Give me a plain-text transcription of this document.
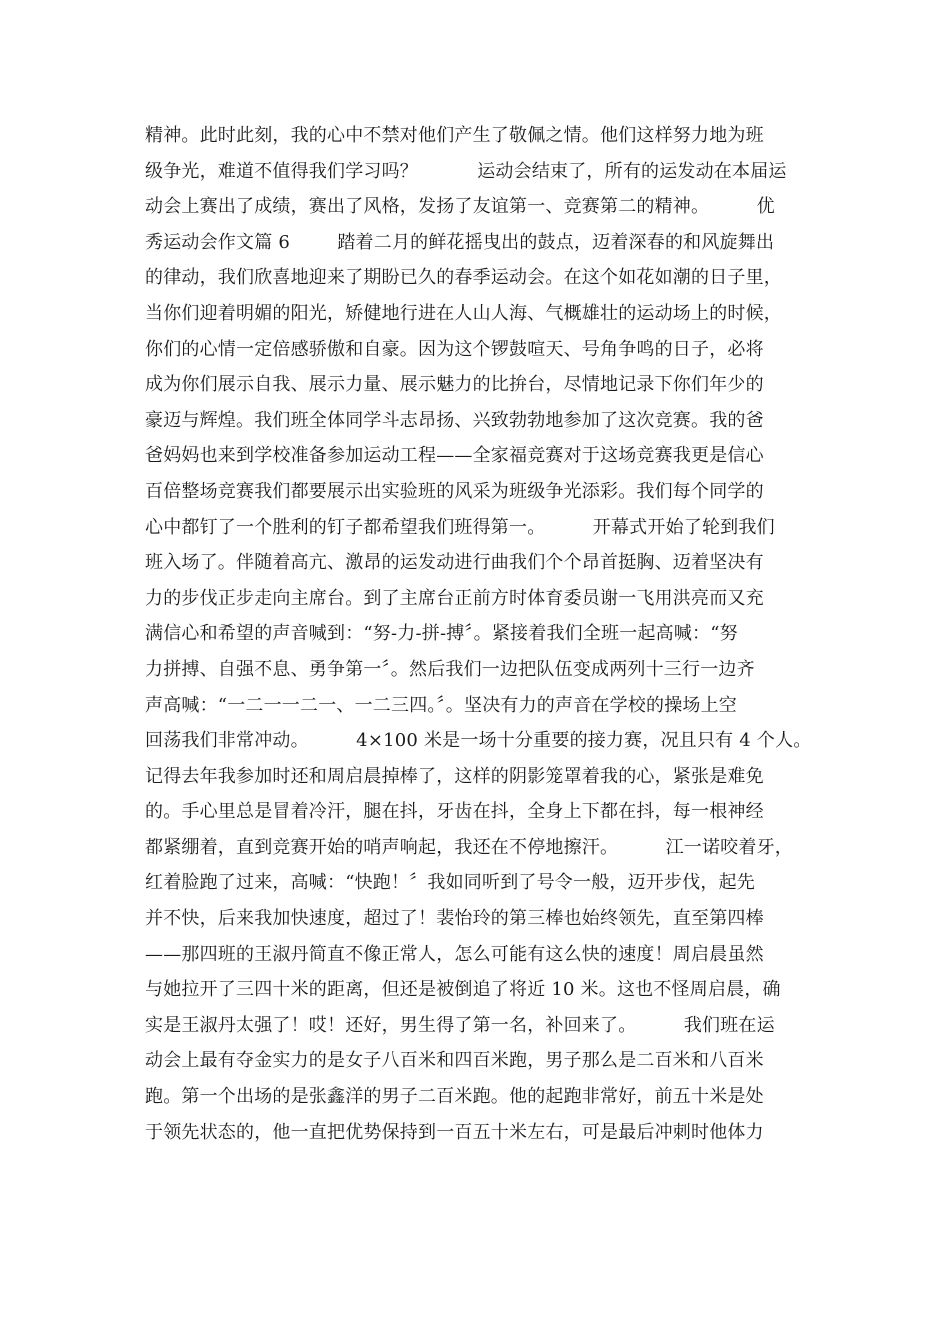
精神。此时此刻，我的心中不禁对他们产生了敬佩之情。他们这样努力地为班
级争光，难道不值得我们学习吗？          运动会结束了，所有的运发动在本届运
动会上赛出了成绩，赛出了风格，发扬了友谊第一、竞赛第二的精神。        优
秀运动会作文篇 6        踏着二月的鲜花摇曳出的鼓点，迈着深春的和风旋舞出
的律动，我们欣喜地迎来了期盼已久的春季运动会。在这个如花如潮的日子里，
当你们迎着明媚的阳光，矫健地行进在人山人海、气概雄壮的运动场上的时候，
你们的心情一定倍感骄傲和自豪。因为这个锣鼓喧天、号角争鸣的日子，必将
成为你们展示自我、展示力量、展示魅力的比拚台，尽情地记录下你们年少的
豪迈与辉煌。我们班全体同学斗志昂扬、兴致勃勃地参加了这次竞赛。我的爸
爸妈妈也来到学校准备参加运动工程——全家福竞赛对于这场竞赛我更是信心
百倍整场竞赛我们都要展示出实验班的风采为班级争光添彩。我们每个同学的
心中都钉了一个胜利的钉子都希望我们班得第一。        开幕式开始了轮到我们
班入场了。伴随着高亢、激昂的运发动进行曲我们个个昂首挺胸、迈着坚决有
力的步伐正步走向主席台。到了主席台正前方时体育委员谢一飞用洪亮而又充
满信心和希望的声音喊到：“努-力-拼-搏〞。紧接着我们全班一起高喊：“努
力拼搏、自强不息、勇争第一〞。然后我们一边把队伍变成两列十三行一边齐
声高喊：“一二一一二一、一二三四。〞。坚决有力的声音在学校的操场上空
回荡我们非常冲动。        4×100 米是一场十分重要的接力赛，况且只有 4 个人。
记得去年我参加时还和周启晨掉棒了，这样的阴影笼罩着我的心，紧张是难免
的。手心里总是冒着冷汗，腿在抖，牙齿在抖，全身上下都在抖，每一根神经
都紧绷着，直到竞赛开始的哨声响起，我还在不停地擦汗。        江一诺咬着牙，
红着脸跑了过来，高喊：“快跑！〞我如同听到了号令一般，迈开步伐，起先
并不快，后来我加快速度，超过了！裴怡玲的第三棒也始终领先，直至第四棒
——那四班的王淑丹简直不像正常人，怎么可能有这么快的速度！周启晨虽然
与她拉开了三四十米的距离，但还是被倒追了将近 10 米。这也不怪周启晨，确
实是王淑丹太强了！哎！还好，男生得了第一名，补回来了。        我们班在运
动会上最有夺金实力的是女子八百米和四百米跑，男子那么是二百米和八百米
跑。第一个出场的是张鑫洋的男子二百米跑。他的起跑非常好，前五十米是处
于领先状态的，他一直把优势保持到一百五十米左右，可是最后冲刺时他体力
